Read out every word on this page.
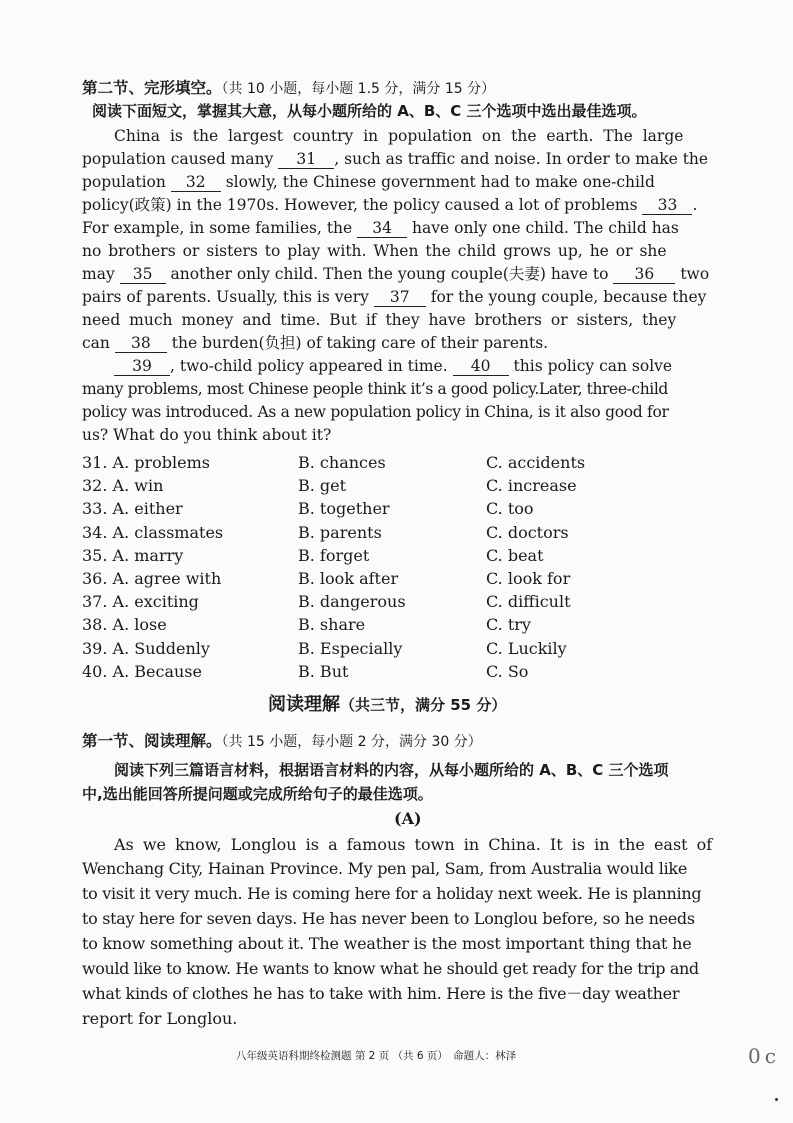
第二节、完形填空。（共 10 小题，每小题 1.5 分，满分 15 分）
阅读下面短文，掌握其大意，从每小题所给的 A、B、C 三个选项中选出最佳选项。
China is the largest country in population on the earth. The large
population caused many 31 , such as traffic and noise. In order to make the
population 32 slowly, the Chinese government had to make one-child
policy(政策) in the 1970s. However, the policy caused a lot of problems 33 .
For example, in some families, the 34 have only one child. The child has
no brothers or sisters to play with. When the child grows up, he or she
may 35 another only child. Then the young couple(夫妻) have to 36 two
pairs of parents. Usually, this is very 37 for the young couple, because they
need much money and time. But if they have brothers or sisters, they
can 38 the burden(负担) of taking care of their parents.
39 , two-child policy appeared in time. 40 this policy can solve
many problems, most Chinese people think it’s a good policy.Later, three-child
policy was introduced. As a new population policy in China, is it also good for
us? What do you think about it?
31. A. problems	B. chances	C. accidents
32. A. win	B. get	C. increase
33. A. either	B. together	C. too
34. A. classmates	B. parents	C. doctors
35. A. marry	B. forget	C. beat
36. A. agree with	B. look after	C. look for
37. A. exciting	B. dangerous	C. difficult
38. A. lose	B. share	C. try
39. A. Suddenly	B. Especially	C. Luckily
40. A. Because	B. But	C. So
阅读理解（共三节，满分 55 分）
第一节、阅读理解。（共 15 小题，每小题 2 分，满分 30 分）
阅读下列三篇语言材料，根据语言材料的内容，从每小题所给的 A、B、C 三个选项
中,选出能回答所提问题或完成所给句子的最佳选项。
(A)
As we know, Longlou is a famous town in China. It is in the east of
Wenchang City, Hainan Province. My pen pal, Sam, from Australia would like
to visit it very much. He is coming here for a holiday next week. He is planning
to stay here for seven days. He has never been to Longlou before, so he needs
to know something about it. The weather is the most important thing that he
would like to know. He wants to know what he should get ready for the trip and
what kinds of clothes he has to take with him. Here is the five－day weather
report for Longlou.
八年级英语科期终检测题 第 2 页 （共 6 页）　命题人：林泽	0c
